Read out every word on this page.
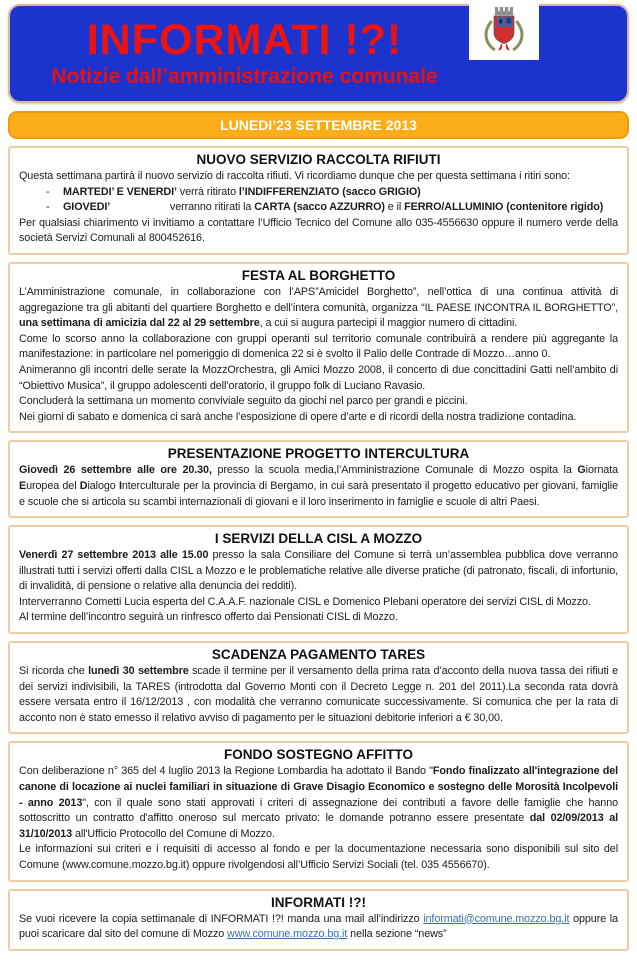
INFORMATI !?!
Notizie dall’amministrazione comunale
LUNEDI’23 SETTEMBRE 2013
NUOVO SERVIZIO RACCOLTA RIFIUTI
Questa settimana partirà il nuovo servizio di raccolta rifiuti. Vi ricordiamo dunque che per questa settimana i ritiri sono:
-	MARTEDI’ E VENERDI’ verrà ritirato l’INDIFFERENZIATO (sacco GRIGIO)
-	GIOVEDI’	verranno ritirati la CARTA (sacco AZZURRO) e il FERRO/ALLUMINIO (contenitore rigido)
Per qualsiasi chiarimento vi invitiamo a contattare l’Ufficio Tecnico del Comune allo 035-4556630 oppure il numero verde della società Servizi Comunali al 800452616.
FESTA AL BORGHETTO
L’Amministrazione comunale, in collaborazione con l’APS”Amicidel Borghetto”, nell’ottica di una continua attività di aggregazione tra gli abitanti del quartiere Borghetto e dell’intera comunità, organizza “IL PAESE INCONTRA IL BORGHETTO”, una settimana di amicizia dal 22 al 29 settembre, a cui si augura partecipi il maggior numero di cittadini.
Come lo scorso anno la collaborazione con gruppi operanti sul territorio comunale contribuirà a rendere più aggregante la manifestazione: in particolare nel pomeriggio di domenica 22 si è svolto il Palio delle Contrade di Mozzo…anno 0.
Animeranno gli incontri delle serate la MozzOrchestra, gli Amici Mozzo 2008, il concerto di due concittadini Gatti nell’ambito di “Obiettivo Musica”, il gruppo adolescenti dell’oratorio, il gruppo folk di Luciano Ravasio.
Concluderà la settimana un momento conviviale seguito da giochi nel parco per grandi e piccini.
Nei giorni di sabato e domenica ci sarà anche l’esposizione di opere d’arte e di ricordi della nostra tradizione contadina.
PRESENTAZIONE PROGETTO INTERCULTURA
Giovedì 26 settembre alle ore 20.30, presso la scuola media,l’Amministrazione Comunale di Mozzo ospita la Giornata Europea del Dialogo Interculturale per la provincia di Bergamo, in cui sarà presentato il progetto educativo per giovani, famiglie e scuole che si articola su scambi internazionali di giovani e il loro inserimento in famiglie e scuole di altri Paesi.
I SERVIZI DELLA CISL A MOZZO
Venerdì 27 settembre 2013 alle 15.00 presso la sala Consiliare del Comune si terrà un’assemblea pubblica dove verranno illustrati tutti i servizi offerti dalla CISL a Mozzo e le problematiche relative alle diverse pratiche (di patronato, fiscali, di infortunio, di invalidità, di pensione o relative alla denuncia dei redditi).
Interverranno Cometti Lucia esperta del C.A.A.F. nazionale CISL e Domenico Plebani operatore dei servizi CISL di Mozzo.
Al termine dell’incontro seguirà un rinfresco offerto dai Pensionati CISL di Mozzo.
SCADENZA PAGAMENTO TARES
Si ricorda che lunedì 30 settembre scade il termine per il versamento della prima rata d’acconto della nuova tassa dei rifiuti e dei servizi indivisibili, la TARES (introdotta dal Governo Monti con il Decreto Legge n. 201 del 2011).La seconda rata dovrà essere versata entro il 16/12/2013 , con modalità che verranno comunicate successivamente. Si comunica che per la rata di acconto non è stato emesso il relativo avviso di pagamento per le situazioni debitorie inferiori a € 30,00.
FONDO SOSTEGNO AFFITTO
Con deliberazione n° 365 del 4 luglio 2013 la Regione Lombardia ha adottato il Bando "Fondo finalizzato all'integrazione del canone di locazione ai nuclei familiari in situazione di Grave Disagio Economico e sostegno delle Morosità Incolpevoli - anno 2013", con il quale sono stati approvati i criteri di assegnazione dei contributi a favore delle famiglie che hanno sottoscritto un contratto d'affitto oneroso sul mercato privato: le domande potranno essere presentate dal 02/09/2013 al 31/10/2013 all'Ufficio Protocollo del Comune di Mozzo.
Le informazioni sui criteri e i requisiti di accesso al fondo e per la documentazione necessaria sono disponibili sul sito del Comune (www.comune.mozzo.bg.it) oppure rivolgendosi all’Ufficio Servizi Sociali (tel. 035 4556670).
INFORMATI !?!
Se vuoi ricevere la copia settimanale di INFORMATI !?! manda una mail all’indirizzo informati@comune.mozzo.bg.it oppure la puoi scaricare dal sito del comune di Mozzo www.comune.mozzo.bg.it nella sezione “news”
